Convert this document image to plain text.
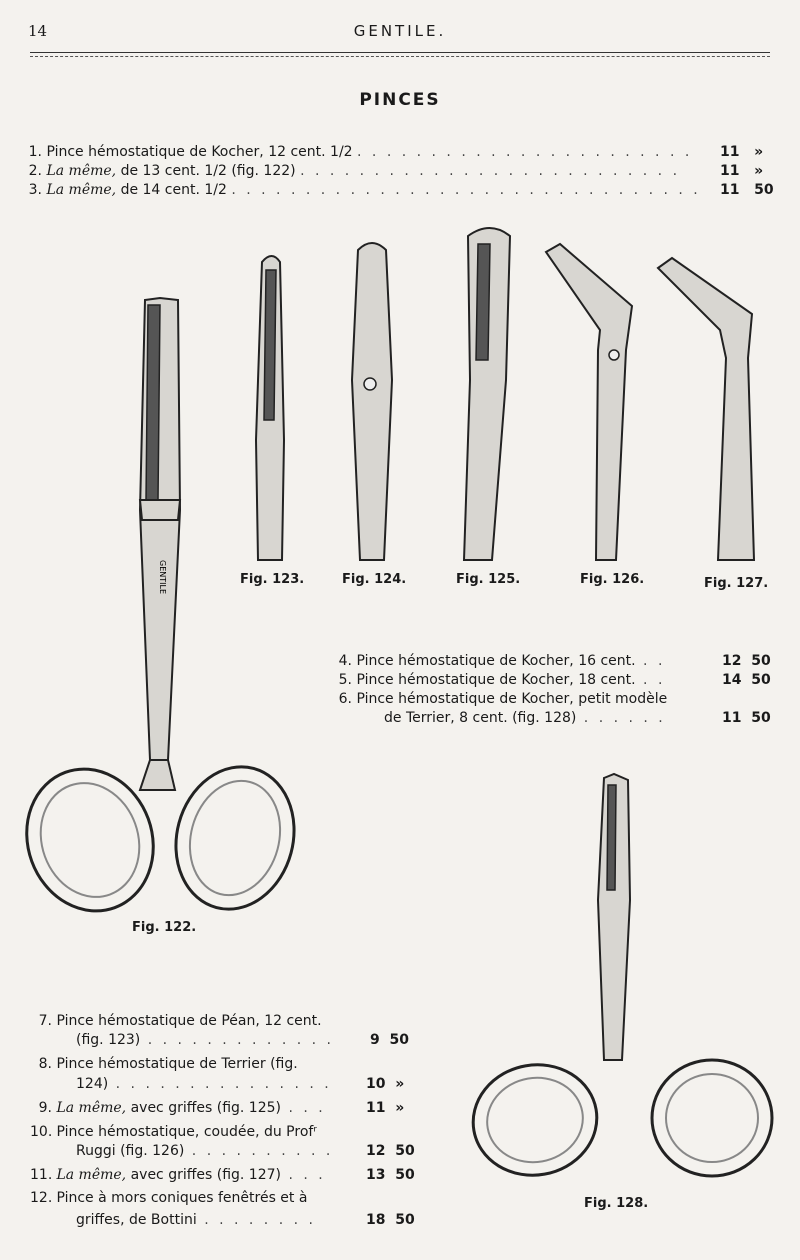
14	GENTILE.
PINCES
1. Pince hémostatique de Kocher, 12 cent. 1/2 . . . . . . . . . . . . . . . . . . . . . . . 11 »
2. La même, de 13 cent. 1/2 (fig. 122) . . . . . . . . . . . . . . . . . . . . . . . . . .	11 »
3. La même, de 14 cent. 1/2 . . . . . . . . . . . . . . . . . . . . . . . . . . . . . . . . 11 50
GENTILE	Fig. 123.	Fig. 124.	Fig. 125.	Fig. 126.	Fig. 127.
Fig. 122.
Fig. 128.
4. Pince hémostatique de Kocher, 16 cent. . .	12 50
5. Pince hémostatique de Kocher, 18 cent. . .	14 50
6. Pince hémostatique de Kocher, petit modèle
de Terrier, 8 cent. (fig. 128) . . . . . .	11 50
7. Pince hémostatique de Péan, 12 cent.
(fig. 123) . . . . . . . . . . . . .	9 50
8. Pince hémostatique de Terrier (fig.
124) . . . . . . . . . . . . . . . 10 »
9. La même, avec griffes (fig. 125) . . .	11 »
10. Pince hémostatique, coudée, du Profʳ
Ruggi (fig. 126) . . . . . . . . . . 12 50
11. La même, avec griffes (fig. 127) . . .	13 50
12. Pince à mors coniques fenêtrés et à
griffes, de Bottini . . . . . . . .	18 50
